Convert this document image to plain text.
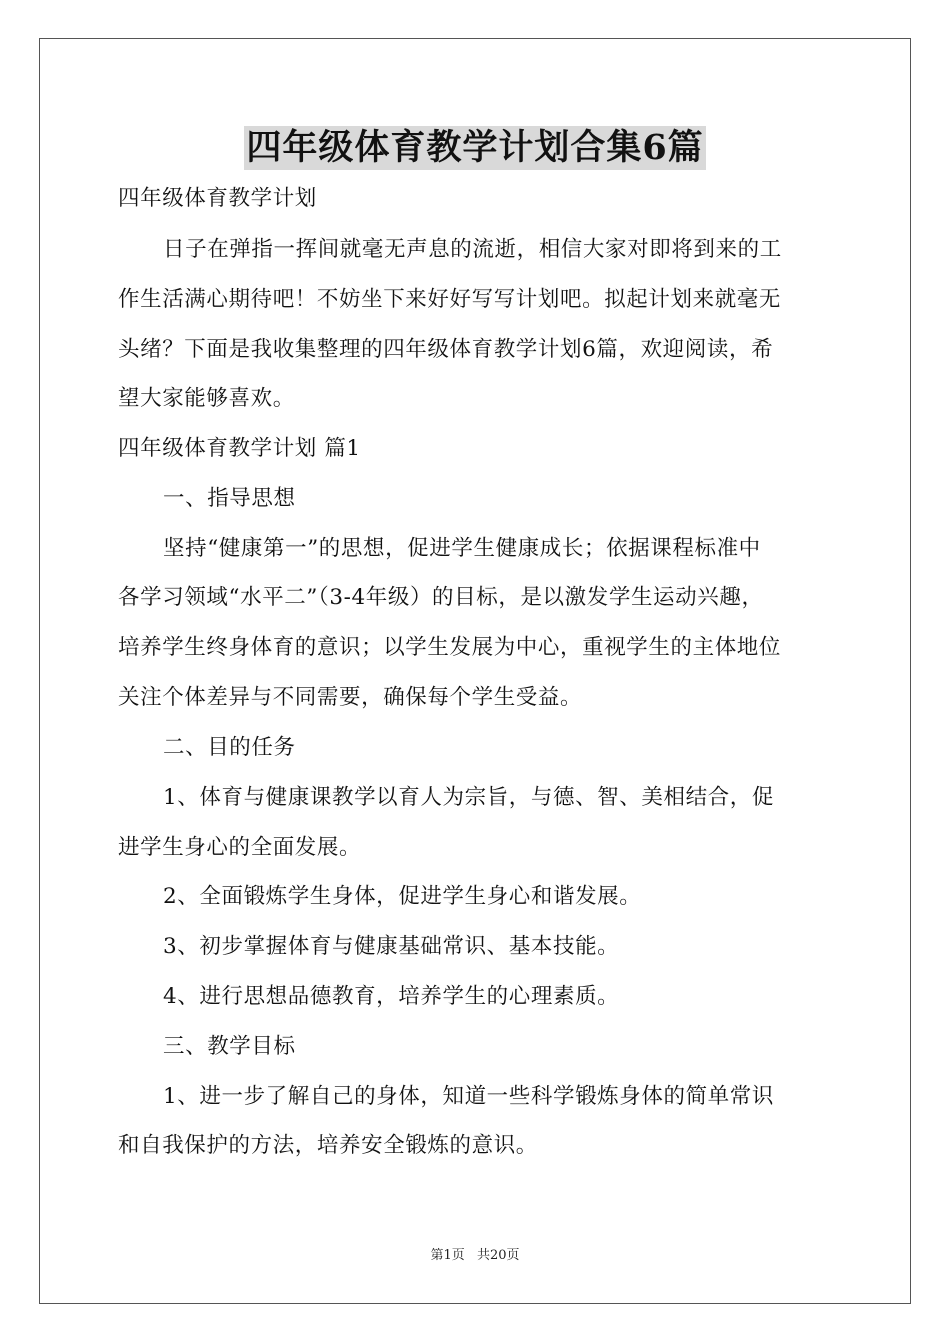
四年级体育教学计划合集6篇
四年级体育教学计划
日子在弹指一挥间就毫无声息的流逝，相信大家对即将到来的工
作生活满心期待吧！不妨坐下来好好写写计划吧。拟起计划来就毫无
头绪？下面是我收集整理的四年级体育教学计划6篇，欢迎阅读，希
望大家能够喜欢。
四年级体育教学计划 篇1
一、指导思想
坚持“健康第一”的思想，促进学生健康成长；依据课程标准中
各学习领域“水平二”（3-4年级）的目标，是以激发学生运动兴趣，
培养学生终身体育的意识；以学生发展为中心，重视学生的主体地位
关注个体差异与不同需要，确保每个学生受益。
二、目的任务
1、体育与健康课教学以育人为宗旨，与德、智、美相结合，促
进学生身心的全面发展。
2、全面锻炼学生身体，促进学生身心和谐发展。
3、初步掌握体育与健康基础常识、基本技能。
4、进行思想品德教育，培养学生的心理素质。
三、教学目标
1、进一步了解自己的身体，知道一些科学锻炼身体的简单常识
和自我保护的方法，培养安全锻炼的意识。
第1页 共20页
